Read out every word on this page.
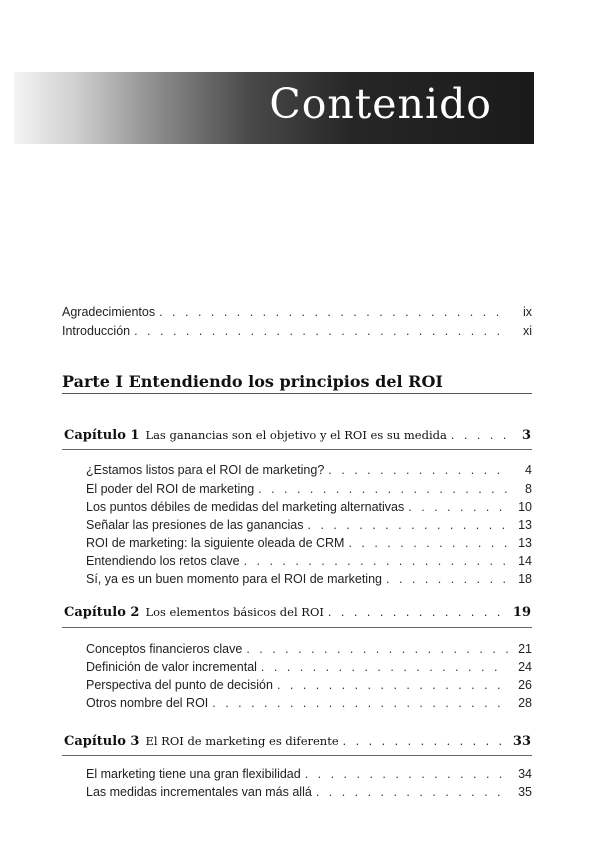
Contenido
Agradecimientos . . .	ix
Introducción . . .	xi
Parte I Entendiendo los principios del ROI
Capítulo 1 Las ganancias son el objetivo y el ROI es su medida . . .	3
¿Estamos listos para el ROI de marketing? . . .	4
El poder del ROI de marketing . . .	8
Los puntos débiles de medidas del marketing alternativas . . .	10
Señalar las presiones de las ganancias . . .	13
ROI de marketing: la siguiente oleada de CRM . . .	13
Entendiendo los retos clave . . .	14
Sí, ya es un buen momento para el ROI de marketing . . .	18
Capítulo 2 Los elementos básicos del ROI . . .	19
Conceptos financieros clave . . .	21
Definición de valor incremental . . .	24
Perspectiva del punto de decisión . . .	26
Otros nombre del ROI . . .	28
Capítulo 3 El ROI de marketing es diferente . . .	33
El marketing tiene una gran flexibilidad . . .	34
Las medidas incrementales van más allá . . .	35
